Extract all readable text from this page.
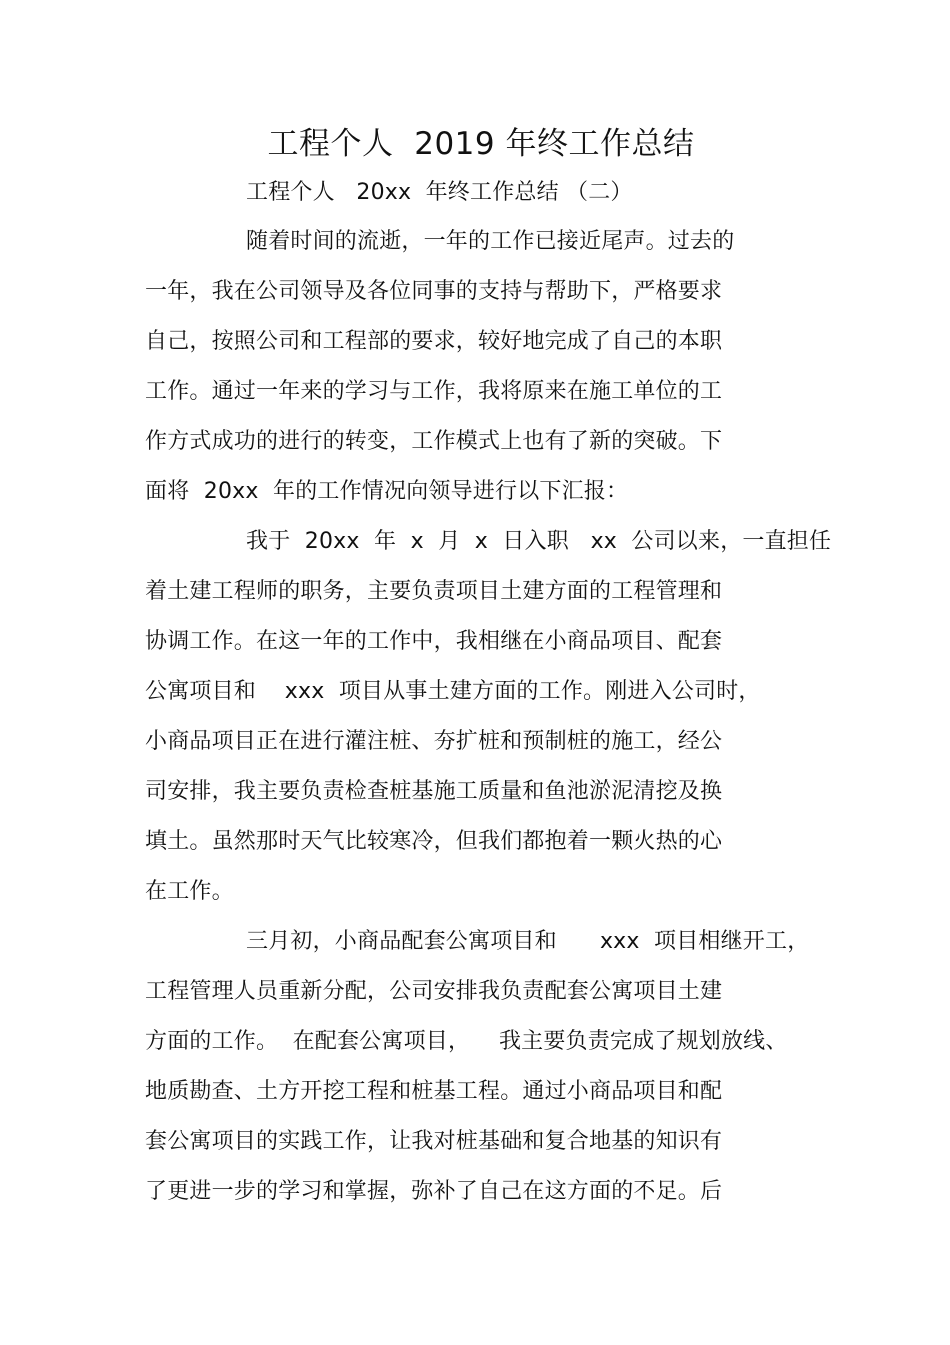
工程个人  2019 年终工作总结
工程个人   20xx  年终工作总结 （二）
随着时间的流逝，一年的工作已接近尾声。过去的
一年，我在公司领导及各位同事的支持与帮助下，严格要求
自己，按照公司和工程部的要求，较好地完成了自己的本职
工作。通过一年来的学习与工作，我将原来在施工单位的工
作方式成功的进行的转变，工作模式上也有了新的突破。下
面将  20xx  年的工作情况向领导进行以下汇报：
我于  20xx  年  x  月  x  日入职   xx  公司以来，一直担任
着土建工程师的职务，主要负责项目土建方面的工程管理和
协调工作。在这一年的工作中，我相继在小商品项目、配套
公寓项目和    xxx  项目从事土建方面的工作。刚进入公司时，
小商品项目正在进行灌注桩、夯扩桩和预制桩的施工，经公
司安排，我主要负责检查桩基施工质量和鱼池淤泥清挖及换
填土。虽然那时天气比较寒冷，但我们都抱着一颗火热的心
在工作。
三月初，小商品配套公寓项目和      xxx  项目相继开工，
工程管理人员重新分配，公司安排我负责配套公寓项目土建
方面的工作。  在配套公寓项目，    我主要负责完成了规划放线、
地质勘查、土方开挖工程和桩基工程。通过小商品项目和配
套公寓项目的实践工作，让我对桩基础和复合地基的知识有
了更进一步的学习和掌握，弥补了自己在这方面的不足。后
